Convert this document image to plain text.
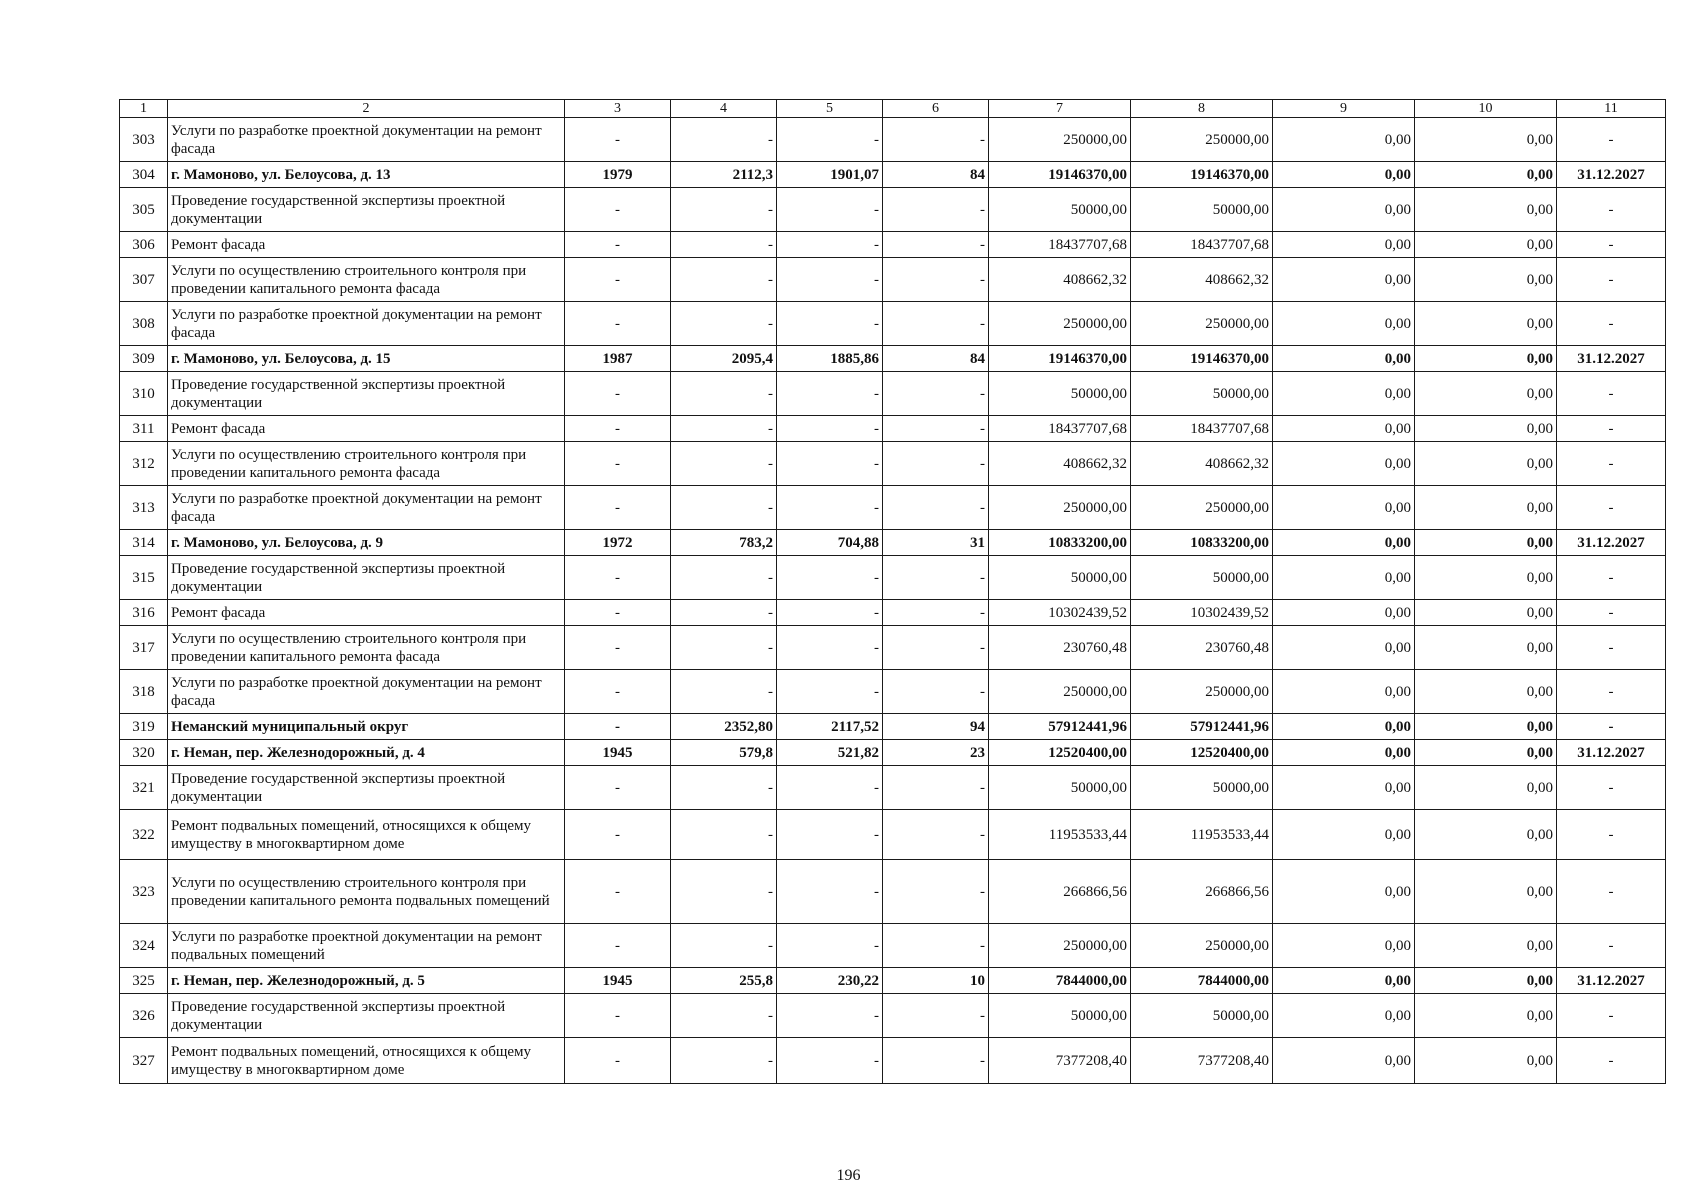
1	2	3	4	5	6	7	8	9	10	11
303	Услуги по разработке проектной документации на ремонт фасада	-	-	-	-	250000,00	250000,00	0,00	0,00	-
304	г. Мамоново, ул. Белоусова, д. 13	1979	2112,3	1901,07	84	19146370,00	19146370,00	0,00	0,00	31.12.2027
305	Проведение государственной экспертизы проектной документации	-	-	-	-	50000,00	50000,00	0,00	0,00	-
306	Ремонт фасада	-	-	-	-	18437707,68	18437707,68	0,00	0,00	-
307	Услуги по осуществлению строительного контроля при проведении капитального ремонта фасада	-	-	-	-	408662,32	408662,32	0,00	0,00	-
308	Услуги по разработке проектной документации на ремонт фасада	-	-	-	-	250000,00	250000,00	0,00	0,00	-
309	г. Мамоново, ул. Белоусова, д. 15	1987	2095,4	1885,86	84	19146370,00	19146370,00	0,00	0,00	31.12.2027
310	Проведение государственной экспертизы проектной документации	-	-	-	-	50000,00	50000,00	0,00	0,00	-
311	Ремонт фасада	-	-	-	-	18437707,68	18437707,68	0,00	0,00	-
312	Услуги по осуществлению строительного контроля при проведении капитального ремонта фасада	-	-	-	-	408662,32	408662,32	0,00	0,00	-
313	Услуги по разработке проектной документации на ремонт фасада	-	-	-	-	250000,00	250000,00	0,00	0,00	-
314	г. Мамоново, ул. Белоусова, д. 9	1972	783,2	704,88	31	10833200,00	10833200,00	0,00	0,00	31.12.2027
315	Проведение государственной экспертизы проектной документации	-	-	-	-	50000,00	50000,00	0,00	0,00	-
316	Ремонт фасада	-	-	-	-	10302439,52	10302439,52	0,00	0,00	-
317	Услуги по осуществлению строительного контроля при проведении капитального ремонта фасада	-	-	-	-	230760,48	230760,48	0,00	0,00	-
318	Услуги по разработке проектной документации на ремонт фасада	-	-	-	-	250000,00	250000,00	0,00	0,00	-
319	Неманский муниципальный округ	-	2352,80	2117,52	94	57912441,96	57912441,96	0,00	0,00	-
320	г. Неман, пер. Железнодорожный, д. 4	1945	579,8	521,82	23	12520400,00	12520400,00	0,00	0,00	31.12.2027
321	Проведение государственной экспертизы проектной документации	-	-	-	-	50000,00	50000,00	0,00	0,00	-
322	Ремонт подвальных помещений, относящихся к общему имуществу в многоквартирном доме	-	-	-	-	11953533,44	11953533,44	0,00	0,00	-
323	Услуги по осуществлению строительного контроля при проведении капитального ремонта подвальных помещений	-	-	-	-	266866,56	266866,56	0,00	0,00	-
324	Услуги по разработке проектной документации на ремонт подвальных помещений	-	-	-	-	250000,00	250000,00	0,00	0,00	-
325	г. Неман, пер. Железнодорожный, д. 5	1945	255,8	230,22	10	7844000,00	7844000,00	0,00	0,00	31.12.2027
326	Проведение государственной экспертизы проектной документации	-	-	-	-	50000,00	50000,00	0,00	0,00	-
327	Ремонт подвальных помещений, относящихся к общему имуществу в многоквартирном доме	-	-	-	-	7377208,40	7377208,40	0,00	0,00	-
196
